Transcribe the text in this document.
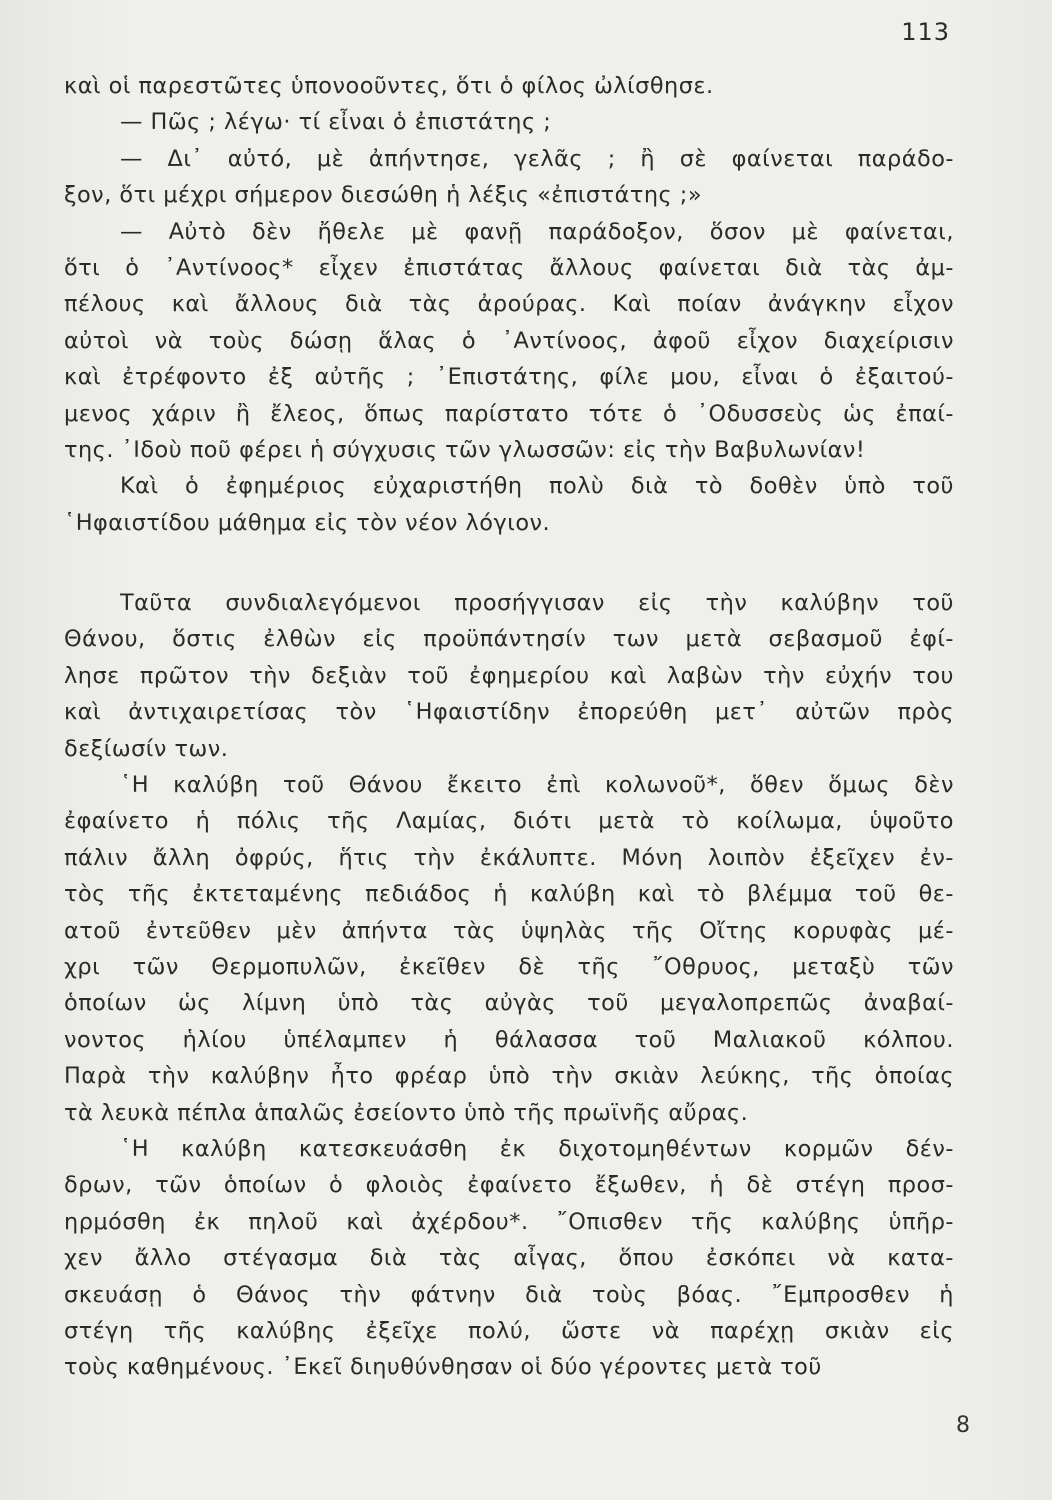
113
καὶ οἱ παρεστῶτες ὑπονοοῦντες, ὅτι ὁ φίλος ὠλίσθησε.
— Πῶς ; λέγω· τί εἶναι ὁ ἐπιστάτης ;
— Δι᾽ αὐτό, μὲ ἀπήντησε, γελᾶς ; ἢ σὲ φαίνεται παράδο-
ξον, ὅτι μέχρι σήμερον διεσώθη ἡ λέξις «ἐπιστάτης ;»
— Αὐτὸ δὲν ἤθελε μὲ φανῇ παράδοξον, ὅσον μὲ φαίνεται,
ὅτι ὁ ᾽Αντίνοος* εἶχεν ἐπιστάτας ἄλλους φαίνεται διὰ τὰς ἀμ-
πέλους καὶ ἄλλους διὰ τὰς ἀρούρας. Καὶ ποίαν ἀνάγκην εἶχον
αὐτοὶ νὰ τοὺς δώσῃ ἅλας ὁ ᾽Αντίνοος, ἀφοῦ εἶχον διαχείρισιν
καὶ ἐτρέφοντο ἐξ αὐτῆς ; ᾽Επιστάτης, φίλε μου, εἶναι ὁ ἐξαιτού-
μενος χάριν ἢ ἔλεος, ὅπως παρίστατο τότε ὁ ᾽Οδυσσεὺς ὡς ἐπαί-
της. ᾽Ιδοὺ ποῦ φέρει ἡ σύγχυσις τῶν γλωσσῶν: εἰς τὴν Βαβυλωνίαν!
Καὶ ὁ ἐφημέριος εὐχαριστήθη πολὺ διὰ τὸ δοθὲν ὑπὸ τοῦ
῾Ηφαιστίδου μάθημα εἰς τὸν νέον λόγιον.
Ταῦτα συνδιαλεγόμενοι προσήγγισαν εἰς τὴν καλύβην τοῦ
Θάνου, ὅστις ἐλθὼν εἰς προϋπάντησίν των μετὰ σεβασμοῦ ἐφί-
λησε πρῶτον τὴν δεξιὰν τοῦ ἐφημερίου καὶ λαβὼν τὴν εὐχήν του
καὶ ἀντιχαιρετίσας τὸν ῾Ηφαιστίδην ἐπορεύθη μετ᾽ αὐτῶν πρὸς
δεξίωσίν των.
῾Η καλύβη τοῦ Θάνου ἔκειτο ἐπὶ κολωνοῦ*, ὅθεν ὅμως δὲν
ἐφαίνετο ἡ πόλις τῆς Λαμίας, διότι μετὰ τὸ κοίλωμα, ὑψοῦτο
πάλιν ἄλλη ὀφρύς, ἥτις τὴν ἐκάλυπτε. Μόνη λοιπὸν ἐξεῖχεν ἐν-
τὸς τῆς ἐκτεταμένης πεδιάδος ἡ καλύβη καὶ τὸ βλέμμα τοῦ θε-
ατοῦ ἐντεῦθεν μὲν ἀπήντα τὰς ὑψηλὰς τῆς Οἴτης κορυφὰς μέ-
χρι τῶν Θερμοπυλῶν, ἐκεῖθεν δὲ τῆς ῎Οθρυος, μεταξὺ τῶν
ὁποίων ὡς λίμνη ὑπὸ τὰς αὐγὰς τοῦ μεγαλοπρεπῶς ἀναβαί-
νοντος ἡλίου ὑπέλαμπεν ἡ θάλασσα τοῦ Μαλιακοῦ κόλπου.
Παρὰ τὴν καλύβην ἦτο φρέαρ ὑπὸ τὴν σκιὰν λεύκης, τῆς ὁποίας
τὰ λευκὰ πέπλα ἁπαλῶς ἐσείοντο ὑπὸ τῆς πρωϊνῆς αὔρας.
῾Η καλύβη κατεσκευάσθη ἐκ διχοτομηθέντων κορμῶν δέν-
δρων, τῶν ὁποίων ὁ φλοιὸς ἐφαίνετο ἔξωθεν, ἡ δὲ στέγη προσ-
ηρμόσθη ἐκ πηλοῦ καὶ ἀχέρδου*. ῎Οπισθεν τῆς καλύβης ὑπῆρ-
χεν ἄλλο στέγασμα διὰ τὰς αἶγας, ὅπου ἐσκόπει νὰ κατα-
σκευάσῃ ὁ Θάνος τὴν φάτνην διὰ τοὺς βόας. ῎Εμπροσθεν ἡ
στέγη τῆς καλύβης ἐξεῖχε πολύ, ὥστε νὰ παρέχῃ σκιὰν εἰς
τοὺς καθημένους. ᾽Εκεῖ διηυθύνθησαν οἱ δύο γέροντες μετὰ τοῦ
8
